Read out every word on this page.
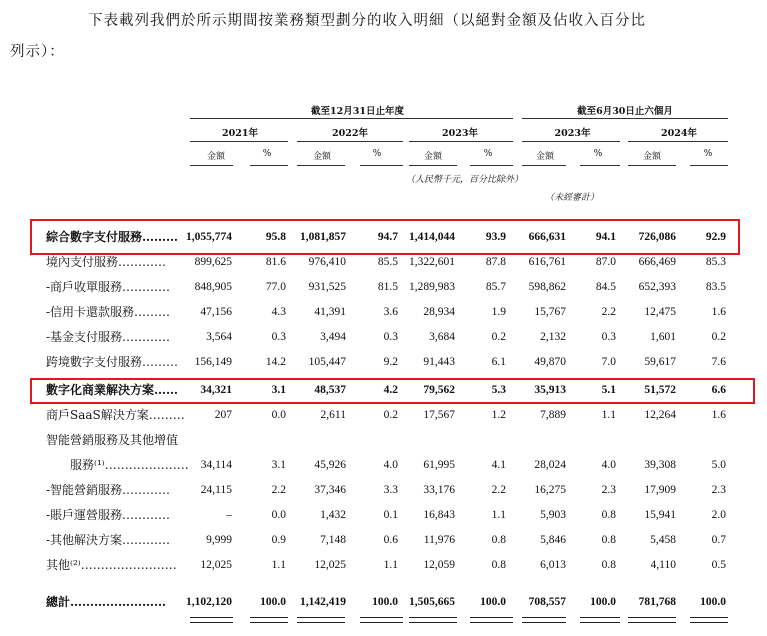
下表載列我們於所示期間按業務類型劃分的收入明細（以絕對金額及佔收入百分比
列示）：
截至12月31日止年度	截至6月30日止六個月
2021年	2022年	2023年	2023年	2024年
金額	%	金額	%	金額	%	金額	%	金額	%
（人民幣千元，百分比除外）
（未經審計）
綜合數字支付服務……… 1,055,774	95.8	1,081,857	94.7 1,414,044	93.9	666,631	94.1	726,086	92.9
境內支付服務…………	899,625	81.6	976,410	85.5 1,322,601	87.8	616,761	87.0	666,469	85.3
-商戶收單服務…………	848,905	77.0	931,525	81.5 1,289,983	85.7	598,862	84.5	652,393	83.5
-信用卡還款服務………	47,156	4.3	41,391	3.6	28,934	1.9	15,767	2.2	12,475	1.6
-基金支付服務…………	3,564	0.3	3,494	0.3	3,684	0.2	2,132	0.3	1,601	0.2
跨境數字支付服務………	156,149	14.2	105,447	9.2	91,443	6.1	49,870	7.0	59,617	7.6
數字化商業解決方案……	34,321	3.1	48,537	4.2	79,562	5.3	35,913	5.1	51,572	6.6
商戶SaaS解決方案………	207	0.0	2,611	0.2	17,567	1.2	7,889	1.1	12,264	1.6
智能營銷服務及其他增值
服務⁽¹⁾…………………	34,114	3.1	45,926	4.0	61,995	4.1	28,024	4.0	39,308	5.0
-智能營銷服務…………	24,115	2.2	37,346	3.3	33,176	2.2	16,275	2.3	17,909	2.3
-賬戶運營服務…………	–	0.0	1,432	0.1	16,843	1.1	5,903	0.8	15,941	2.0
-其他解決方案…………	9,999	0.9	7,148	0.6	11,976	0.8	5,846	0.8	5,458	0.7
其他⁽²⁾……………………	12,025	1.1	12,025	1.1	12,059	0.8	6,013	0.8	4,110	0.5
總計……………………	1,102,120	100.0	1,142,419	100.0 1,505,665	100.0	708,557	100.0	781,768	100.0
